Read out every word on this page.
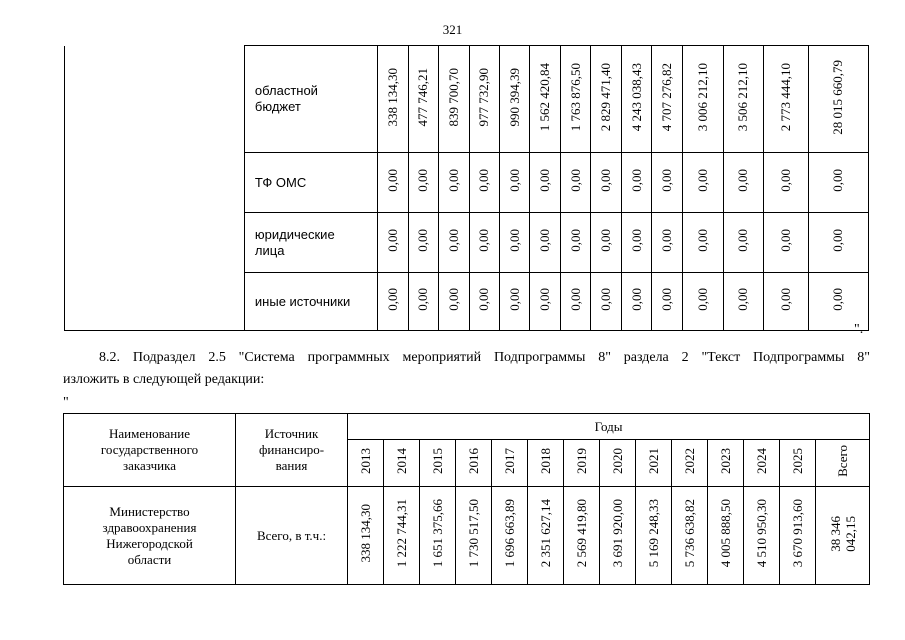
321
	областной
бюджет	338 134,30	477 746,21	839 700,70	977 732,90	990 394,39	1 562 420,84	1 763 876,50	2 829 471,40	4 243 038,43	4 707 276,82	3 006 212,10	3 506 212,10	2 773 444,10	28 015 660,79
	ТФ ОМС	0,00	0,00	0,00	0,00	0,00	0,00	0,00	0,00	0,00	0,00	0,00	0,00	0,00	0,00
	юридические
лица	0,00	0,00	0,00	0,00	0,00	0,00	0,00	0,00	0,00	0,00	0,00	0,00	0,00	0,00
	иные источники	0,00	0,00	0,00	0,00	0,00	0,00	0,00	0,00	0,00	0,00	0,00	0,00	0,00	0,00
".
8.2. Подраздел 2.5 "Система программных мероприятий Подпрограммы 8" раздела 2 "Текст Подпрограммы 8"
изложить в следующей редакции:
"
Наименование
государственного
заказчика	Источник
финансиро-
вания	Годы													
		2013	2014	2015	2016	2017	2018	2019	2020	2021	2022	2023	2024	2025	Всего
Министерство
здравоохранения
Нижегородской
области	Всего, в т.ч.:	338 134,30	1 222 744,31	1 651 375,66	1 730 517,50	1 696 663,89	2 351 627,14	2 569 419,80	3 691 920,00	5 169 248,33	5 736 638,82	4 005 888,50	4 510 950,30	3 670 913,60	38 346
042,15
